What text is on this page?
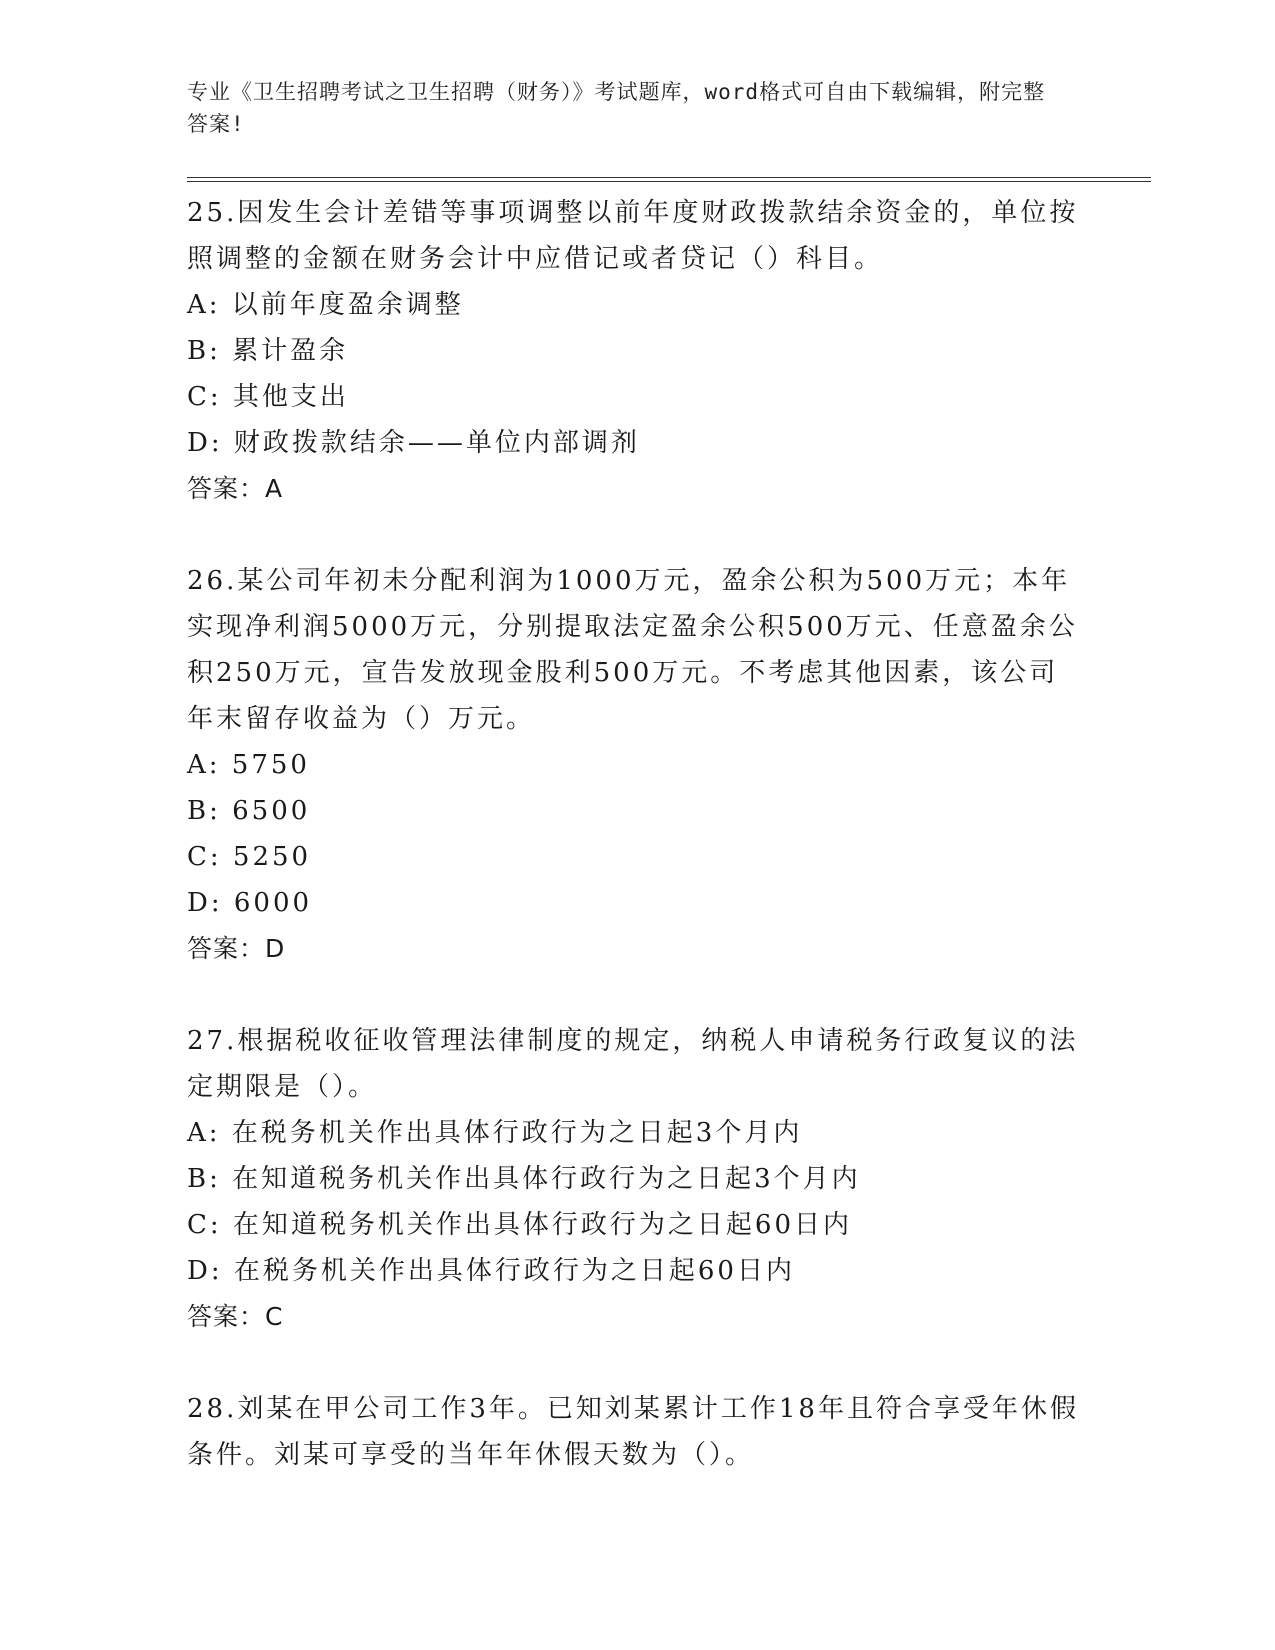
专业《卫生招聘考试之卫生招聘（财务）》考试题库，word格式可自由下载编辑，附完整答案!

25.因发生会计差错等事项调整以前年度财政拨款结余资金的，单位按照调整的金额在财务会计中应借记或者贷记（）科目。

A: 以前年度盈余调整

B: 累计盈余

C: 其他支出

D: 财政拨款结余——单位内部调剂

答案：A

26.某公司年初未分配利润为1000万元，盈余公积为500万元；本年实现净利润5000万元，分别提取法定盈余公积500万元、任意盈余公积250万元，宣告发放现金股利500万元。不考虑其他因素，该公司年末留存收益为（）万元。

A: 5750

B: 6500

C: 5250

D: 6000

答案：D

27.根据税收征收管理法律制度的规定，纳税人申请税务行政复议的法定期限是（）。

A: 在税务机关作出具体行政行为之日起3个月内

B: 在知道税务机关作出具体行政行为之日起3个月内

C: 在知道税务机关作出具体行政行为之日起60日内

D: 在税务机关作出具体行政行为之日起60日内

答案：C

28.刘某在甲公司工作3年。已知刘某累计工作18年且符合享受年休假条件。刘某可享受的当年年休假天数为（）。
